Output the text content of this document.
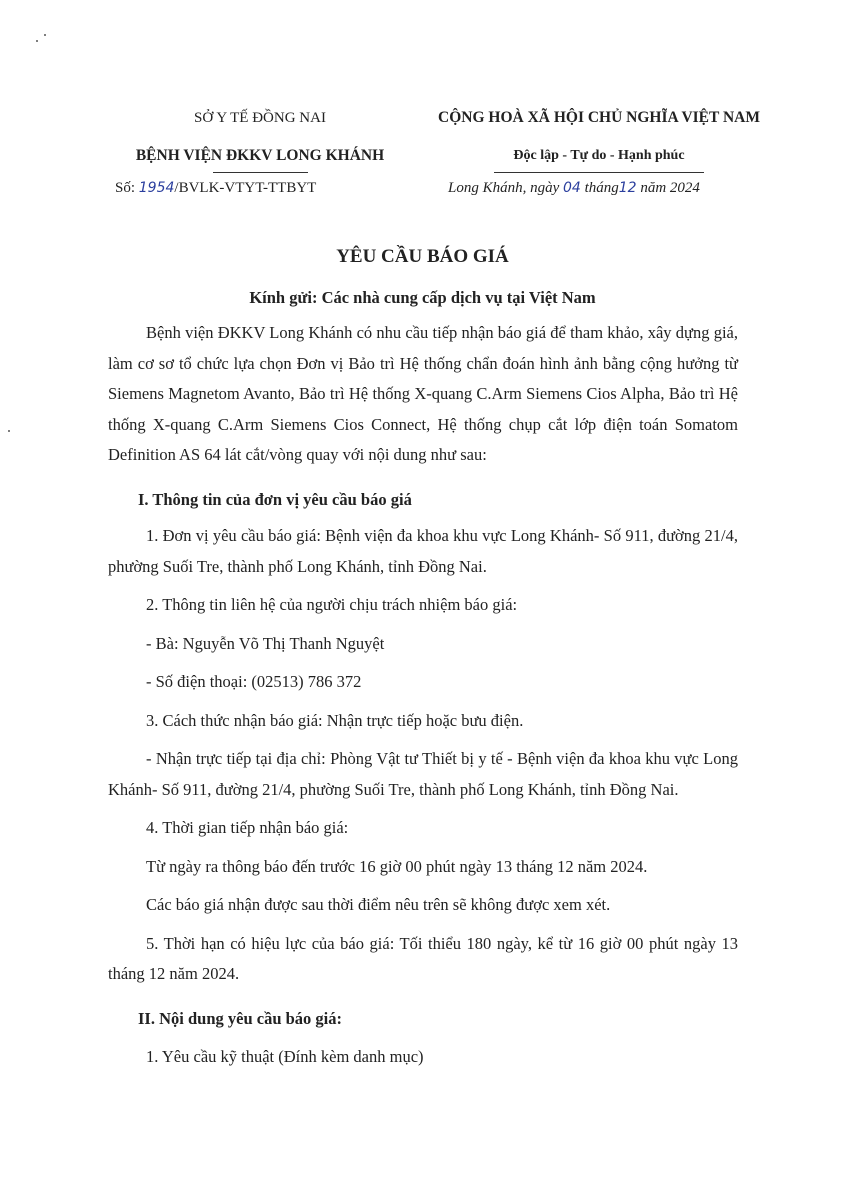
SỞ Y TẾ ĐỒNG NAI
BỆNH VIỆN ĐKKV LONG KHÁNH
CỘNG HOÀ XÃ HỘI CHỦ NGHĨA VIỆT NAM
Độc lập - Tự do - Hạnh phúc
Số: 1954/BVLK-VTYT-TTBYT	Long Khánh, ngày 04 tháng12 năm 2024
YÊU CẦU BÁO GIÁ
Kính gửi: Các nhà cung cấp dịch vụ tại Việt Nam

Bệnh viện ĐKKV Long Khánh có nhu cầu tiếp nhận báo giá để tham khảo, xây dựng giá, làm cơ sơ tổ chức lựa chọn Đơn vị Bảo trì Hệ thống chẩn đoán hình ảnh bằng cộng hưởng từ Siemens Magnetom Avanto, Bảo trì Hệ thống X-quang C.Arm Siemens Cios Alpha, Bảo trì Hệ thống X-quang C.Arm Siemens Cios Connect, Hệ thống chụp cắt lớp điện toán Somatom Definition AS 64 lát cắt/vòng quay với nội dung như sau:

I. Thông tin của đơn vị yêu cầu báo giá

1. Đơn vị yêu cầu báo giá: Bệnh viện đa khoa khu vực Long Khánh- Số 911, đường 21/4, phường Suối Tre, thành phố Long Khánh, tỉnh Đồng Nai.

2. Thông tin liên hệ của người chịu trách nhiệm báo giá:

- Bà: Nguyễn Võ Thị Thanh Nguyệt

- Số điện thoại: (02513) 786 372

3. Cách thức nhận báo giá: Nhận trực tiếp hoặc bưu điện.

- Nhận trực tiếp tại địa chỉ: Phòng Vật tư Thiết bị y tế - Bệnh viện đa khoa khu vực Long Khánh- Số 911, đường 21/4, phường Suối Tre, thành phố Long Khánh, tỉnh Đồng Nai.

4. Thời gian tiếp nhận báo giá:

Từ ngày ra thông báo đến trước 16 giờ 00 phút ngày 13 tháng 12 năm 2024.

Các báo giá nhận được sau thời điểm nêu trên sẽ không được xem xét.

5. Thời hạn có hiệu lực của báo giá: Tối thiểu 180 ngày, kể từ 16 giờ 00 phút ngày 13 tháng 12 năm 2024.

II. Nội dung yêu cầu báo giá:

1. Yêu cầu kỹ thuật (Đính kèm danh mục)
